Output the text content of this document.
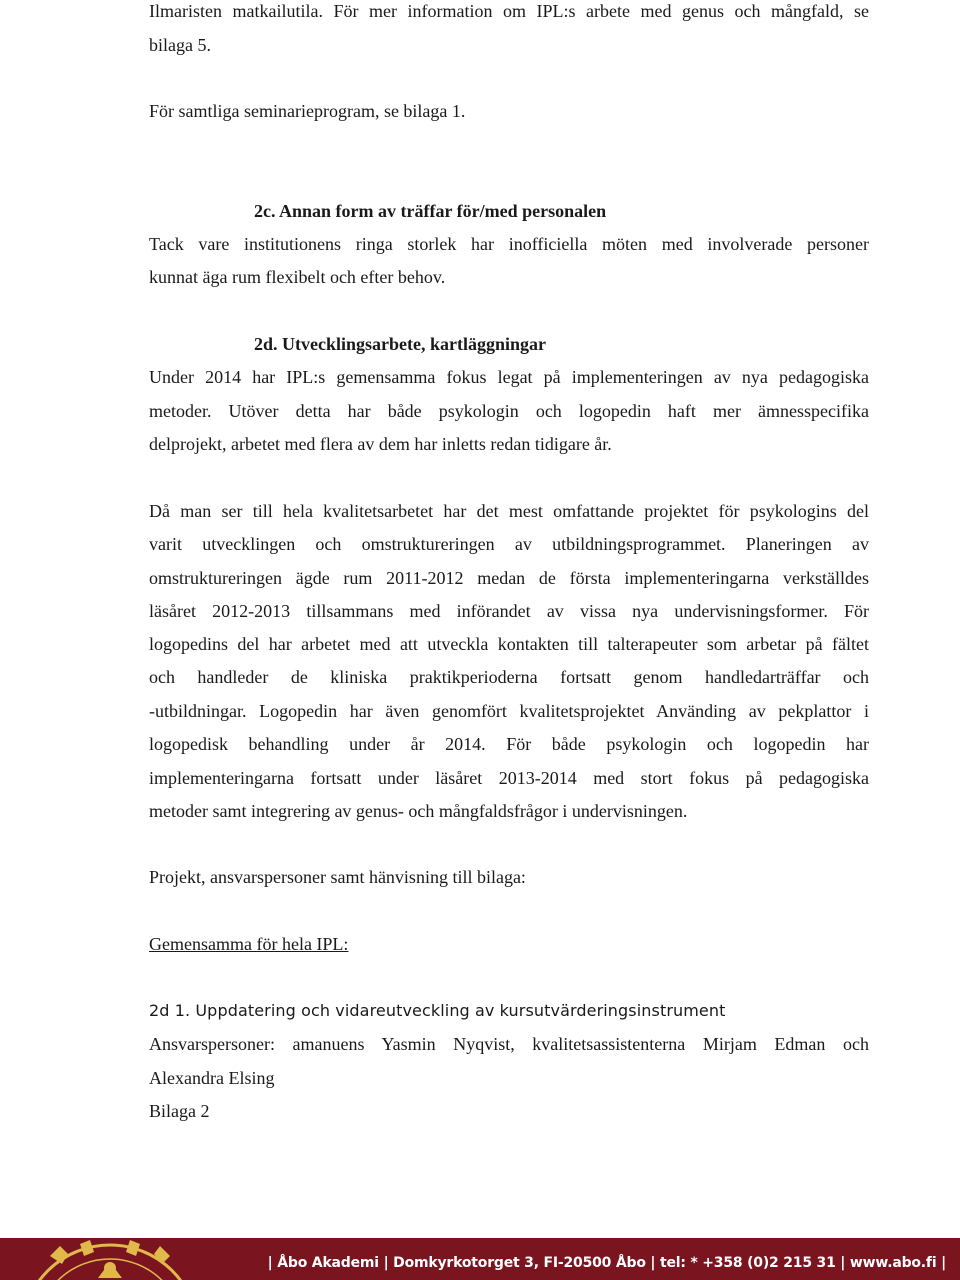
Ilmaristen matkailutila. För mer information om IPL:s arbete med genus och mångfald, se
bilaga 5.
För samtliga seminarieprogram, se bilaga 1.
2c. Annan form av träffar för/med personalen
Tack vare institutionens ringa storlek har inofficiella möten med involverade personer
kunnat äga rum flexibelt och efter behov.
2d. Utvecklingsarbete, kartläggningar
Under 2014 har IPL:s gemensamma fokus legat på implementeringen av nya pedagogiska
metoder. Utöver detta har både psykologin och logopedin haft mer ämnesspecifika
delprojekt, arbetet med flera av dem har inletts redan tidigare år.
Då man ser till hela kvalitetsarbetet har det mest omfattande projektet för psykologins del
varit utvecklingen och omstruktureringen av utbildningsprogrammet. Planeringen av
omstruktureringen ägde rum 2011-2012 medan de första implementeringarna verkställdes
läsåret 2012-2013 tillsammans med införandet av vissa nya undervisningsformer. För
logopedins del har arbetet med att utveckla kontakten till talterapeuter som arbetar på fältet
och handleder de kliniska praktikperioderna fortsatt genom handledarträffar och
-utbildningar. Logopedin har även genomfört kvalitetsprojektet Använding av pekplattor i
logopedisk behandling under år 2014. För både psykologin och logopedin har
implementeringarna fortsatt under läsåret 2013-2014 med stort fokus på pedagogiska
metoder samt integrering av genus- och mångfaldsfrågor i undervisningen.
Projekt, ansvarspersoner samt hänvisning till bilaga:
Gemensamma för hela IPL:
2d 1. Uppdatering och vidareutveckling av kursutvärderingsinstrument
Ansvarspersoner: amanuens Yasmin Nyqvist, kvalitetsassistenterna Mirjam Edman och
Alexandra Elsing
Bilaga 2
| Åbo Akademi | Domkyrkotorget 3, FI-20500 Åbo | tel: * +358 (0)2 215 31 | www.abo.fi |
